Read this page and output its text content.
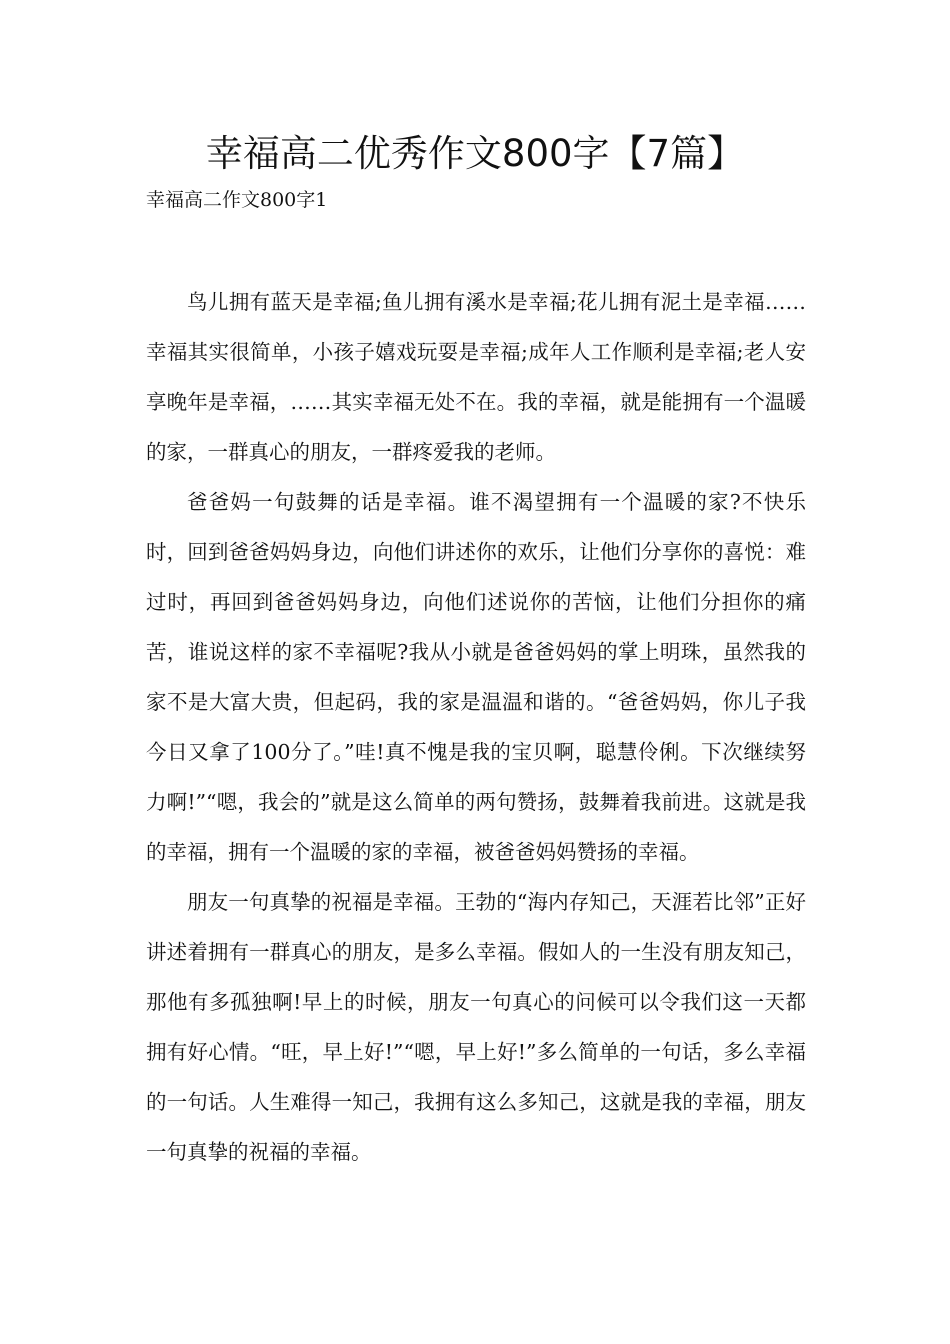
幸福高二优秀作文800字【7篇】
幸福高二作文800字1

鸟儿拥有蓝天是幸福;鱼儿拥有溪水是幸福;花儿拥有泥土是幸福……幸福其实很简单，小孩子嬉戏玩耍是幸福;成年人工作顺利是幸福;老人安享晚年是幸福，……其实幸福无处不在。我的幸福，就是能拥有一个温暖的家，一群真心的朋友，一群疼爱我的老师。

爸爸妈一句鼓舞的话是幸福。谁不渴望拥有一个温暖的家?不快乐时，回到爸爸妈妈身边，向他们讲述你的欢乐，让他们分享你的喜悦：难过时，再回到爸爸妈妈身边，向他们述说你的苦恼，让他们分担你的痛苦，谁说这样的家不幸福呢?我从小就是爸爸妈妈的掌上明珠，虽然我的家不是大富大贵，但起码，我的家是温温和谐的。“爸爸妈妈，你儿子我今日又拿了100分了。”哇!真不愧是我的宝贝啊，聪慧伶俐。下次继续努力啊!”“嗯，我会的”就是这么简单的两句赞扬，鼓舞着我前进。这就是我的幸福，拥有一个温暖的家的幸福，被爸爸妈妈赞扬的幸福。

朋友一句真挚的祝福是幸福。王勃的“海内存知己，天涯若比邻”正好讲述着拥有一群真心的朋友，是多么幸福。假如人的一生没有朋友知己，那他有多孤独啊!早上的时候，朋友一句真心的问候可以令我们这一天都拥有好心情。“旺，早上好!”“嗯，早上好!”多么简单的一句话，多么幸福的一句话。人生难得一知己，我拥有这么多知己，这就是我的幸福，朋友一句真挚的祝福的幸福。
